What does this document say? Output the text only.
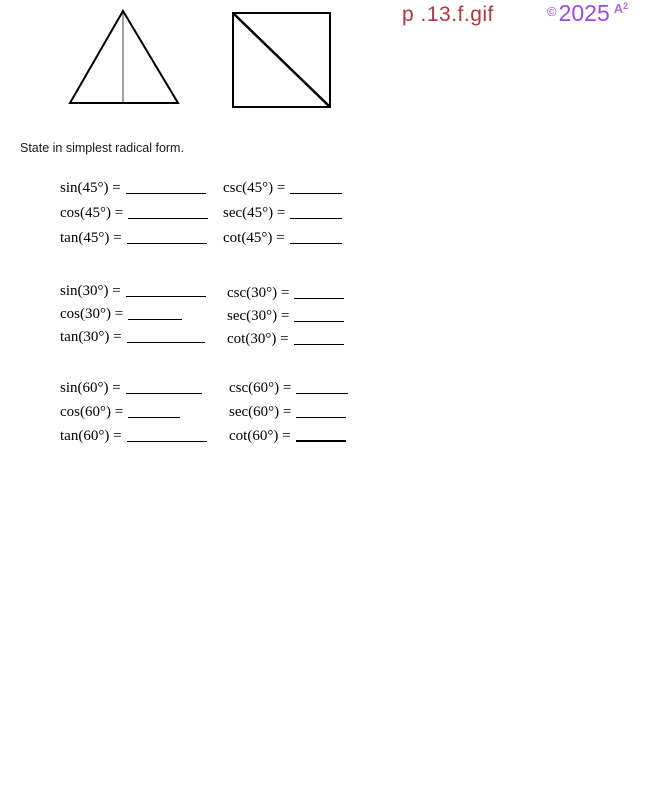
p .13.f.gif	©2025 $^{A^2}$
State in simplest radical form.
sin(45°) =
cos(45°) =
tan(45°) =
csc(45°) =
sec(45°) =
cot(45°) =
sin(30°) =
cos(30°) =
tan(30°) =
csc(30°) =
sec(30°) =
cot(30°) =
sin(60°) =
cos(60°) =
tan(60°) =
csc(60°) =
sec(60°) =
cot(60°) =
